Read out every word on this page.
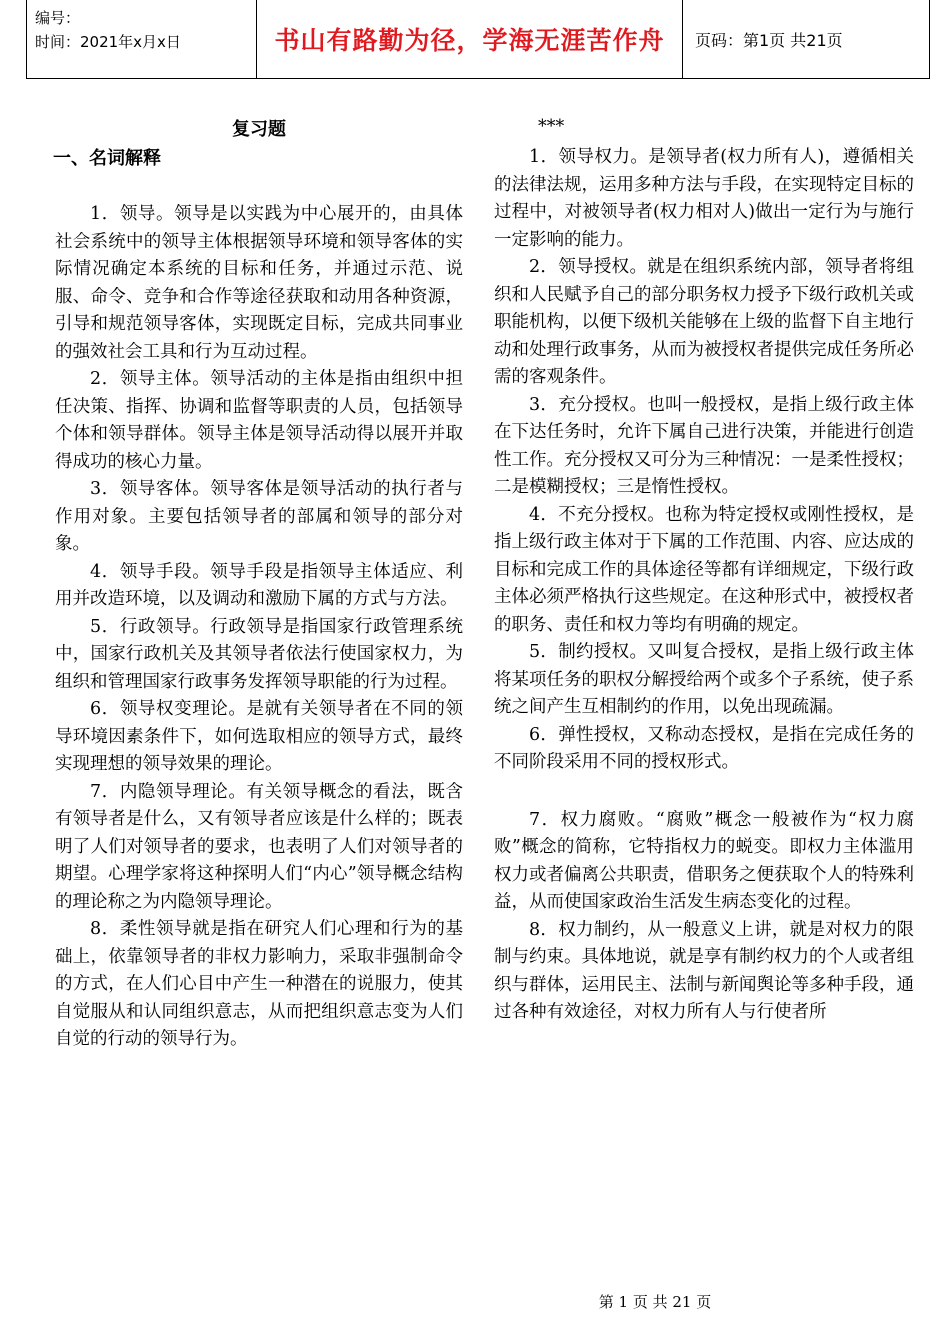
编号：
时间：2021年x月x日	书山有路勤为径，学海无涯苦作舟	页码：第1页 共21页
复习题
一、名词解释

1．领导。领导是以实践为中心展开的，由具体社会系统中的领导主体根据领导环境和领导客体的实际情况确定本系统的目标和任务，并通过示范、说服、命令、竞争和合作等途径获取和动用各种资源，引导和规范领导客体，实现既定目标，完成共同事业的强效社会工具和行为互动过程。

2．领导主体。领导活动的主体是指由组织中担任决策、指挥、协调和监督等职责的人员，包括领导个体和领导群体。领导主体是领导活动得以展开并取得成功的核心力量。

3．领导客体。领导客体是领导活动的执行者与作用对象。主要包括领导者的部属和领导的部分对象。

4．领导手段。领导手段是指领导主体适应、利用并改造环境，以及调动和激励下属的方式与方法。

5．行政领导。行政领导是指国家行政管理系统中，国家行政机关及其领导者依法行使国家权力，为组织和管理国家行政事务发挥领导职能的行为过程。

6．领导权变理论。是就有关领导者在不同的领导环境因素条件下，如何选取相应的领导方式，最终实现理想的领导效果的理论。

7．内隐领导理论。有关领导概念的看法，既含有领导者是什么，又有领导者应该是什么样的；既表明了人们对领导者的要求，也表明了人们对领导者的期望。心理学家将这种探明人们“内心”领导概念结构的理论称之为内隐领导理论。

8．柔性领导就是指在研究人们心理和行为的基础上，依靠领导者的非权力影响力，采取非强制命令的方式，在人们心目中产生一种潜在的说服力，使其自觉服从和认同组织意志，从而把组织意志变为人们自觉的行动的领导行为。

***

1．领导权力。是领导者(权力所有人)，遵循相关的法律法规，运用多种方法与手段，在实现特定目标的过程中，对被领导者(权力相对人)做出一定行为与施行一定影响的能力。

2．领导授权。就是在组织系统内部，领导者将组织和人民赋予自己的部分职务权力授予下级行政机关或职能机构，以便下级机关能够在上级的监督下自主地行动和处理行政事务，从而为被授权者提供完成任务所必需的客观条件。

3．充分授权。也叫一般授权，是指上级行政主体在下达任务时，允许下属自己进行决策，并能进行创造性工作。充分授权又可分为三种情况：一是柔性授权；二是模糊授权；三是惰性授权。

4．不充分授权。也称为特定授权或刚性授权，是指上级行政主体对于下属的工作范围、内容、应达成的目标和完成工作的具体途径等都有详细规定，下级行政主体必须严格执行这些规定。在这种形式中，被授权者的职务、责任和权力等均有明确的规定。

5．制约授权。又叫复合授权，是指上级行政主体将某项任务的职权分解授给两个或多个子系统，使子系统之间产生互相制约的作用，以免出现疏漏。

6．弹性授权，又称动态授权，是指在完成任务的不同阶段采用不同的授权形式。

7．权力腐败。“腐败”概念一般被作为“权力腐败”概念的简称，它特指权力的蜕变。即权力主体滥用权力或者偏离公共职责，借职务之便获取个人的特殊利益，从而使国家政治生活发生病态变化的过程。

8．权力制约，从一般意义上讲，就是对权力的限制与约束。具体地说，就是享有制约权力的个人或者组织与群体，运用民主、法制与新闻舆论等多种手段，通过各种有效途径，对权力所有人与行使者所

第 1 页 共 21 页
